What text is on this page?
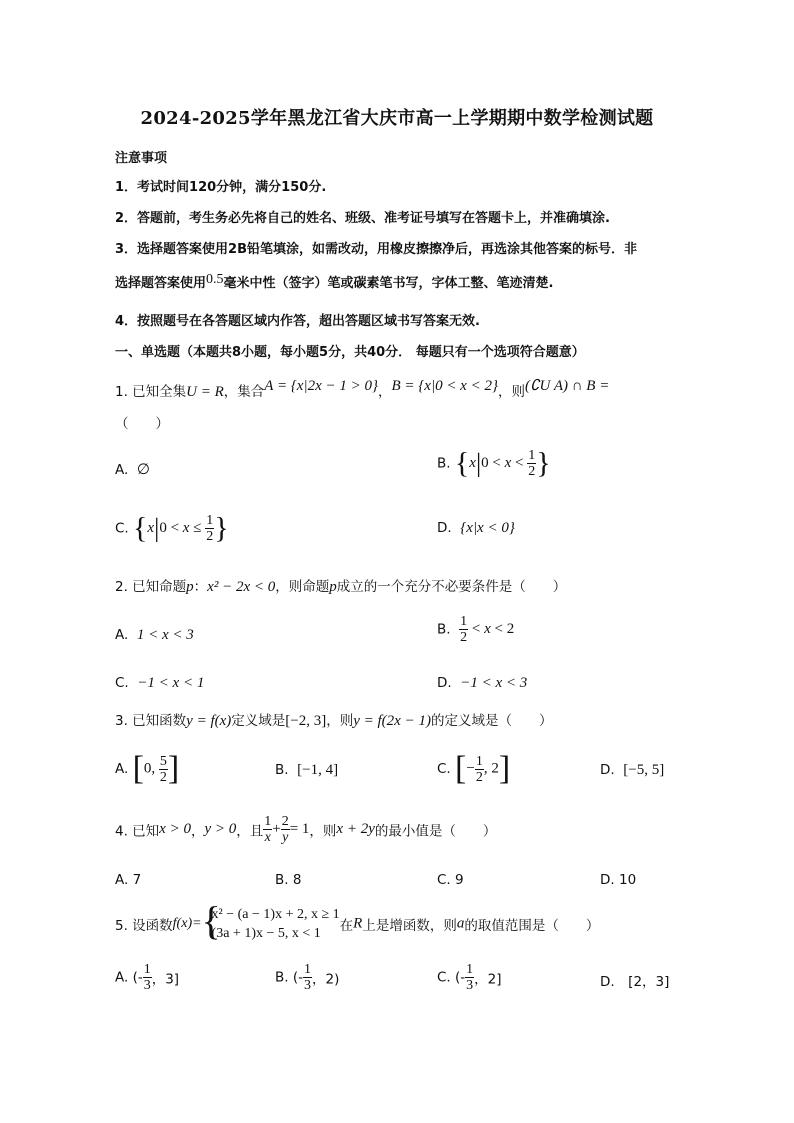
2024-2025学年黑龙江省大庆市高一上学期期中数学检测试题
注意事项
1．考试时间120分钟，满分150分.
2．答题前，考生务必先将自己的姓名、班级、准考证号填写在答题卡上，并准确填涂.
3．选择题答案使用2B铅笔填涂，如需改动，用橡皮擦擦净后，再选涂其他答案的标号．非
选择题答案使用0.5毫米中性（签字）笔或碳素笔书写，字体工整、笔迹清楚.
4．按照题号在各答题区域内作答，超出答题区域书写答案无效.
一、单选题（本题共8小题，每小题5分，共40分． 每题只有一个选项符合题意）
1. 已知全集U = R，集合A = {x|2x − 1 > 0}，B = {x|0 < x < 2}，则(∁U A) ∩ B =
（　　）
A. ∅	B. {$x|0 < x < \frac{1}{2}$ }
C. {$x|0 < x \le \frac{1}{2}$ }	D. {x|x < 0}
2. 已知命题p：x² − 2x < 0，则命题p成立的一个充分不必要条件是（　　）
A. 1 < x < 3	B. $\frac{1}{2} < x < 2$
C. −1 < x < 1	D. −1 < x < 3
3. 已知函数y = f(x)定义域是[−2, 3]，则y = f(2x − 1)的定义域是（　　）
A. [0, $\frac{5}{2}$ ]	B. [−1, 4]	C. [− $\frac{1}{2}$ , 2]	D. [−5, 5]
4. 已知x > 0，y > 0，且 $\frac{1}{x} + \frac{2}{y} = 1$，则x + 2y的最小值是（　　）
A. 7	B. 8	C. 9	D. 10
5. 设函数f(x)= {
x² − (a − 1)x + 2, x ≥ 1
(3a + 1)x − 5, x < 1	在R上是增函数，则a的取值范围是（　　）
A. (- $\frac{1}{3}$ ，3]	B. (- $\frac{1}{3}$ ，2)	C. (- $\frac{1}{3}$ ，2]	D.　[2，3]
